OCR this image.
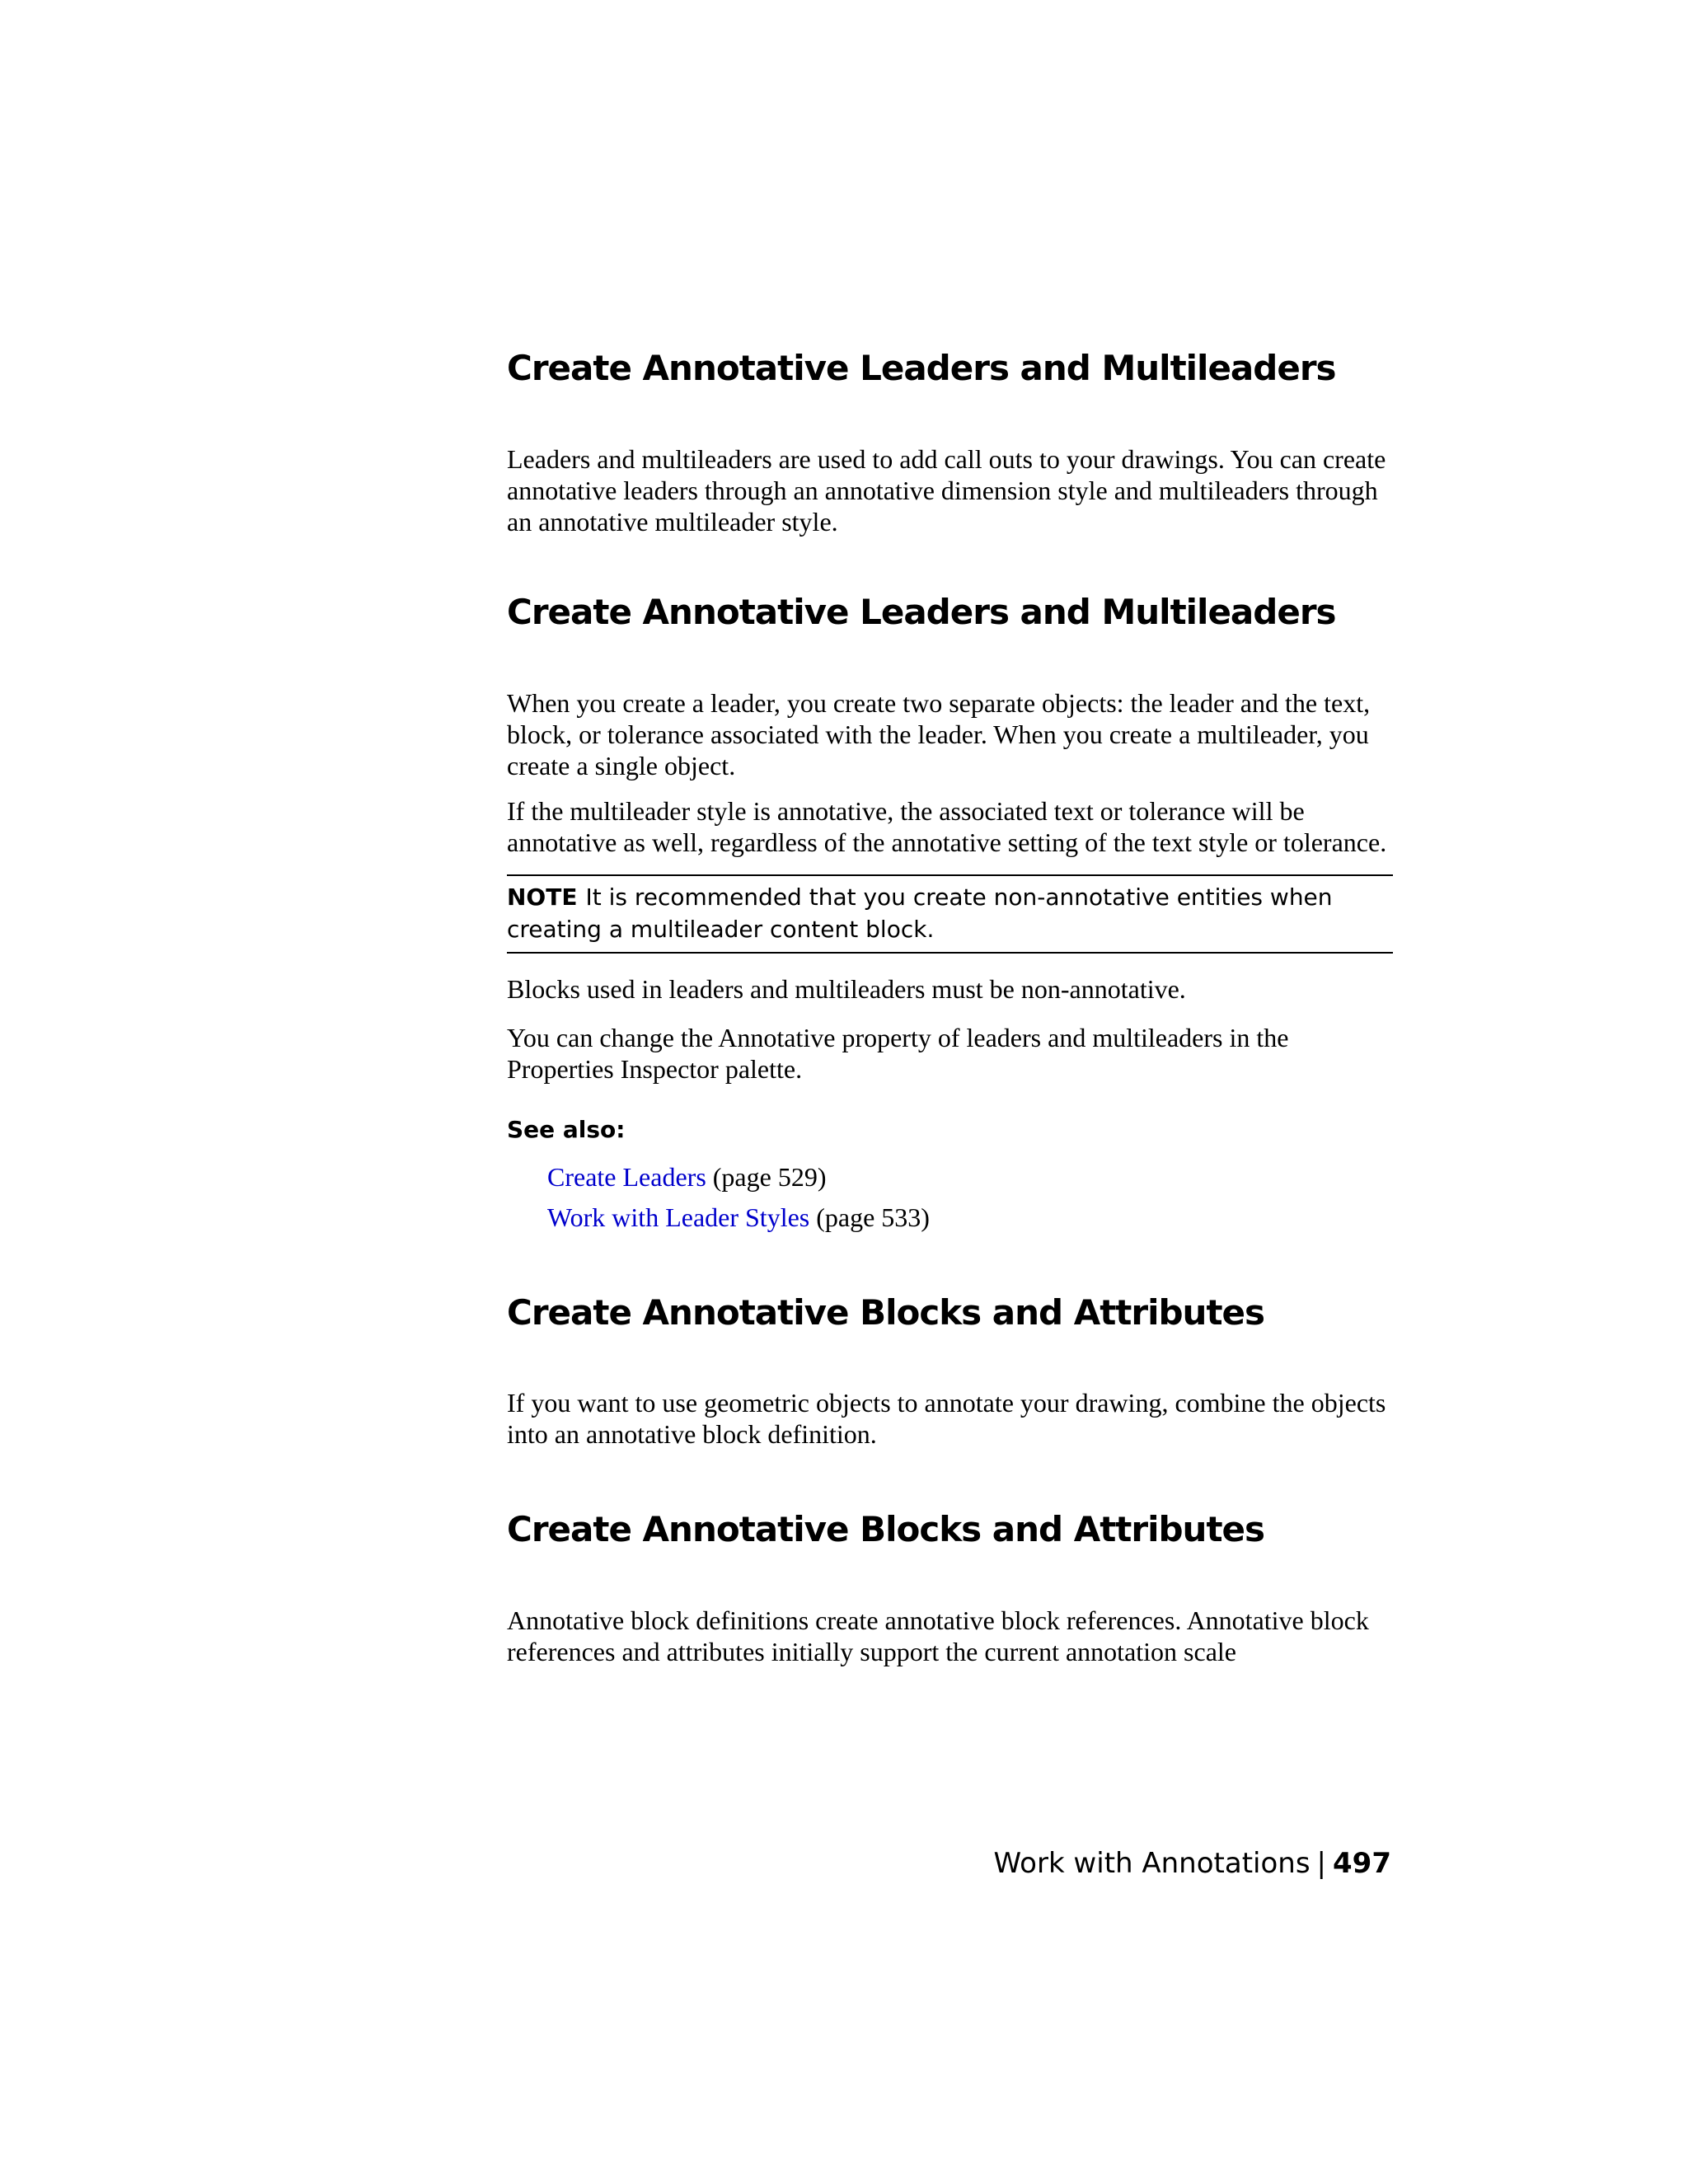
Create Annotative Leaders and Multileaders

Leaders and multileaders are used to add call outs to your drawings. You can create annotative leaders through an annotative dimension style and multileaders through an annotative multileader style.

Create Annotative Leaders and Multileaders

When you create a leader, you create two separate objects: the leader and the text, block, or tolerance associated with the leader. When you create a multileader, you create a single object.

If the multileader style is annotative, the associated text or tolerance will be annotative as well, regardless of the annotative setting of the text style or tolerance.

NOTE It is recommended that you create non-annotative entities when creating a multileader content block.

Blocks used in leaders and multileaders must be non-annotative.

You can change the Annotative property of leaders and multileaders in the Properties Inspector palette.

See also:
Create Leaders (page 529)
Work with Leader Styles (page 533)
Create Annotative Blocks and Attributes

If you want to use geometric objects to annotate your drawing, combine the objects into an annotative block definition.

Create Annotative Blocks and Attributes

Annotative block definitions create annotative block references. Annotative block references and attributes initially support the current annotation scale

Work with Annotations | 497
